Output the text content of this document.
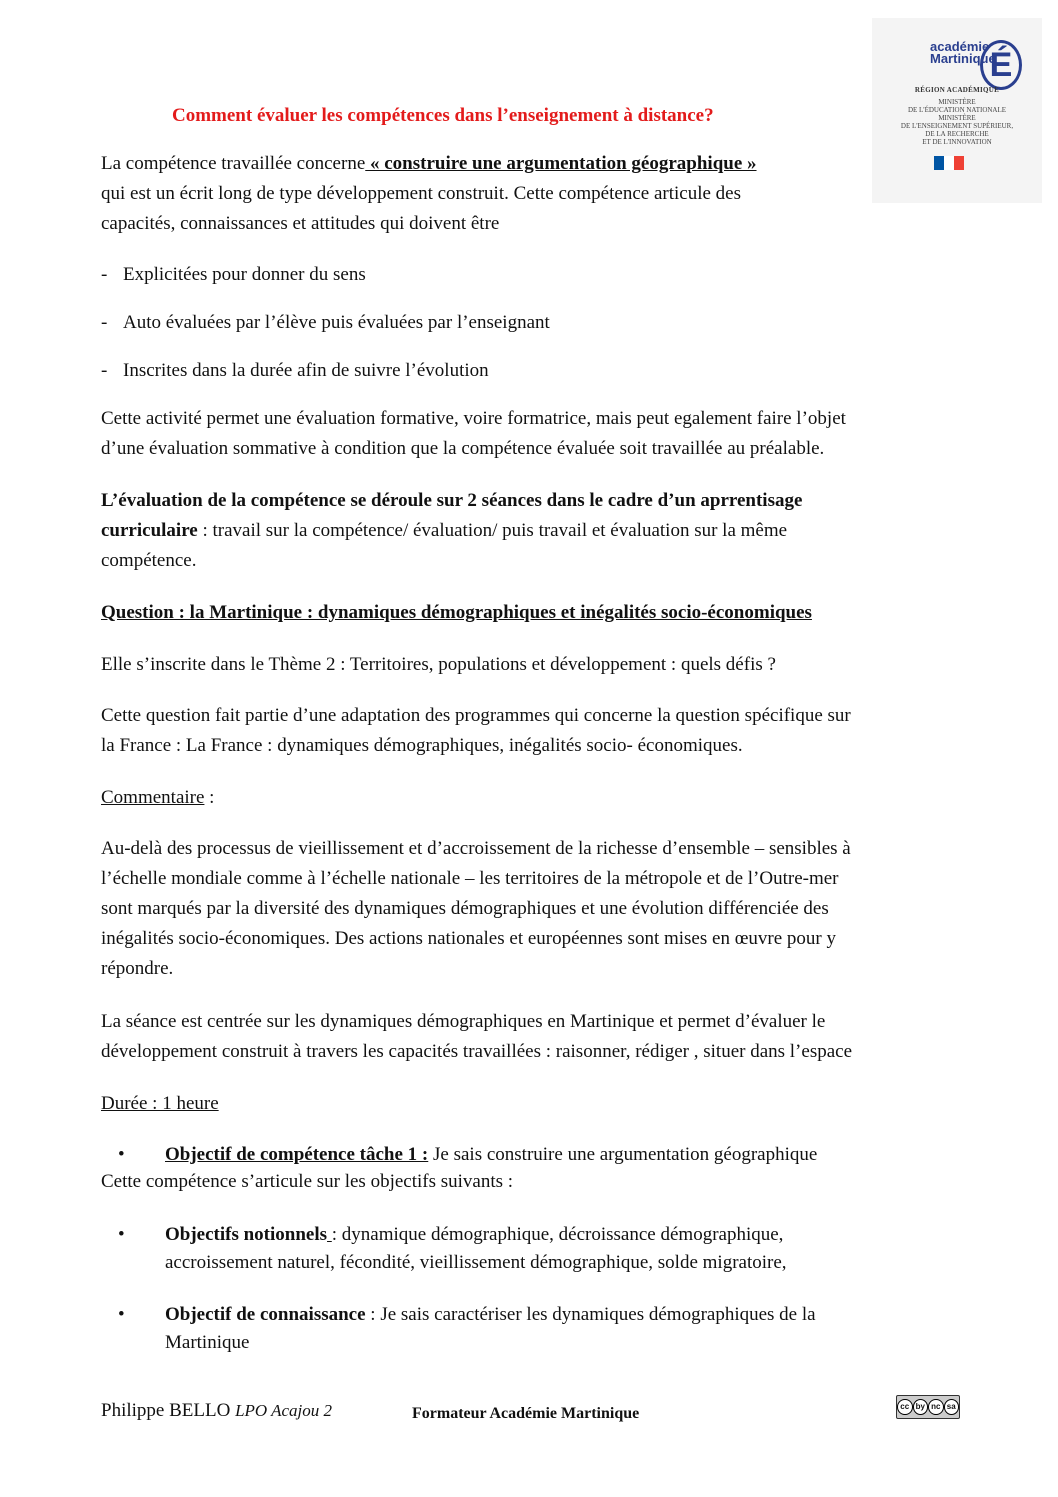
académie Martinique
É
RÉGION ACADÉMIQUE
MINISTÈRE
DE L'ÉDUCATION NATIONALE
MINISTÈRE
DE L'ENSEIGNEMENT SUPÉRIEUR,
DE LA RECHERCHE
ET DE L'INNOVATION
Comment évaluer les compétences dans l’enseignement à distance?
La compétence travaillée concerne « construire une argumentation géographique »
qui est un écrit long de type développement construit. Cette compétence articule des
capacités, connaissances et attitudes qui doivent être
- Explicitées pour donner du sens
- Auto évaluées par l’élève puis évaluées par l’enseignant
- Inscrites dans la durée afin de suivre l’évolution
Cette activité permet une évaluation formative, voire formatrice, mais peut egalement faire l’objet
d’une évaluation sommative à condition que la compétence évaluée soit travaillée au préalable.
L’évaluation de la compétence se déroule sur 2 séances dans le cadre d’un aprrentisage
curriculaire : travail sur la compétence/ évaluation/ puis travail et évaluation sur la même
compétence.
Question : la Martinique : dynamiques démographiques et inégalités socio-économiques
Elle s’inscrite dans le Thème 2 : Territoires, populations et développement : quels défis ?
Cette question fait partie d’une adaptation des programmes qui concerne la question spécifique sur
la France : La France : dynamiques démographiques, inégalités socio- économiques.
Commentaire :
Au-delà des processus de vieillissement et d’accroissement de la richesse d’ensemble – sensibles à
l’échelle mondiale comme à l’échelle nationale – les territoires de la métropole et de l’Outre-mer
sont marqués par la diversité des dynamiques démographiques et une évolution différenciée des
inégalités socio-économiques. Des actions nationales et européennes sont mises en œuvre pour y
répondre.
La séance est centrée sur les dynamiques démographiques en Martinique et permet d’évaluer le
développement construit à travers les capacités travaillées : raisonner, rédiger , situer dans l’espace
Durée : 1 heure
• Objectif de compétence tâche 1 : Je sais construire une argumentation géographique
Cette compétence s’articule sur les objectifs suivants :
• Objectifs notionnels : dynamique démographique, décroissance démographique,
accroissement naturel, fécondité, vieillissement démographique, solde migratoire,
• Objectif de connaissance : Je sais caractériser les dynamiques démographiques de la
Martinique
Philippe BELLO LPO Acajou 2	Formateur Académie Martinique	cc by nc sa
